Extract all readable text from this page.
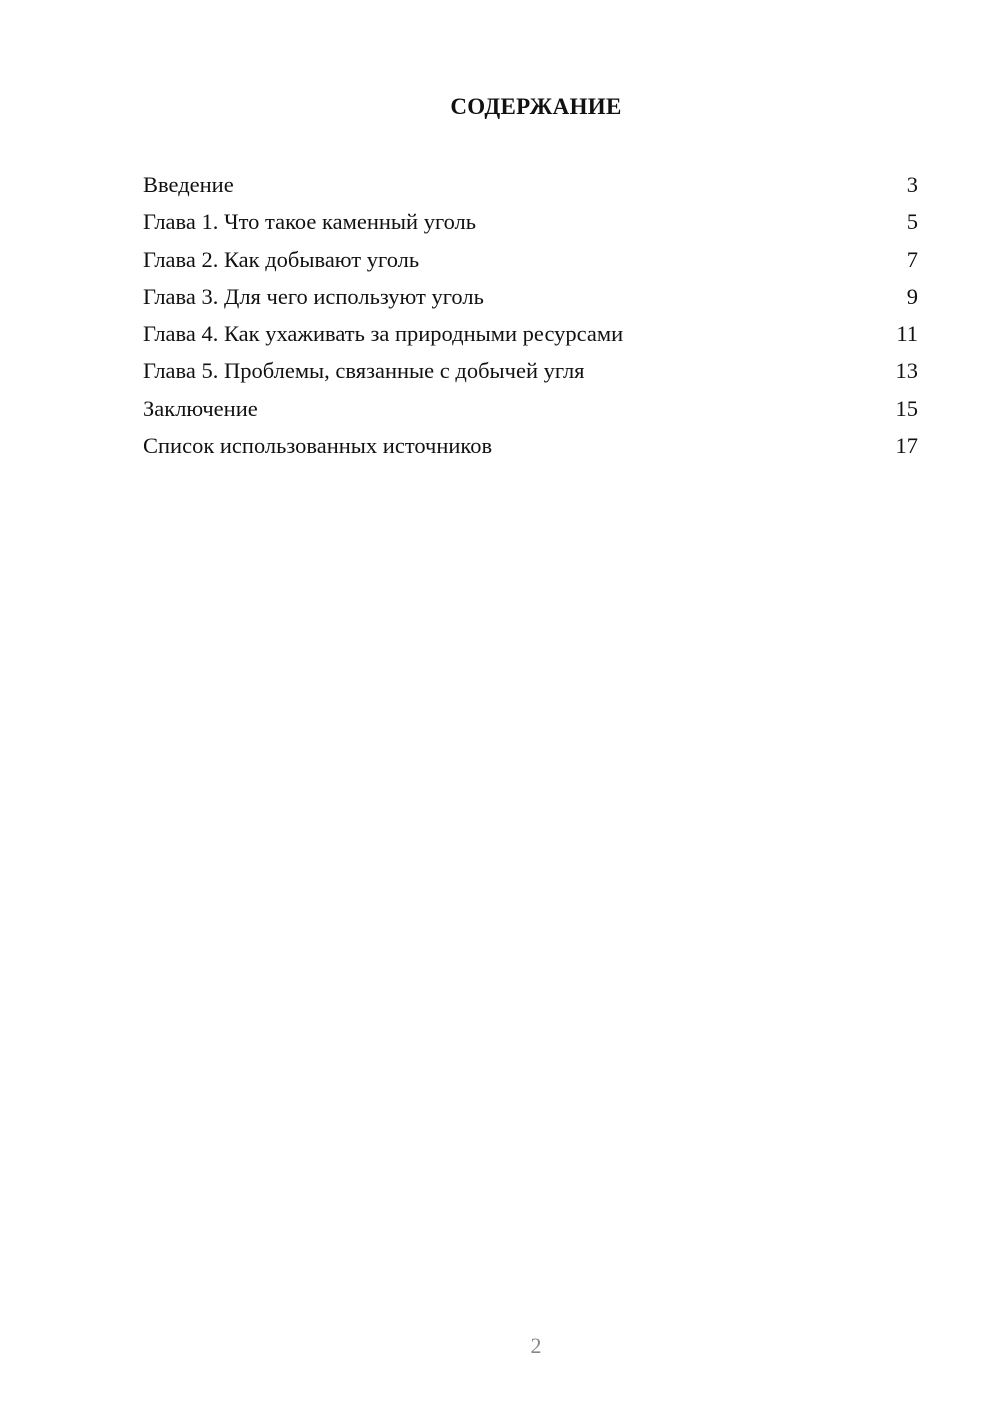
СОДЕРЖАНИЕ
Введение	3
Глава 1. Что такое каменный уголь	5
Глава 2. Как добывают уголь	7
Глава 3. Для чего используют уголь	9
Глава 4. Как ухаживать за природными ресурсами	11
Глава 5. Проблемы, связанные с добычей угля	13
Заключение	15
Список использованных источников	17
2
